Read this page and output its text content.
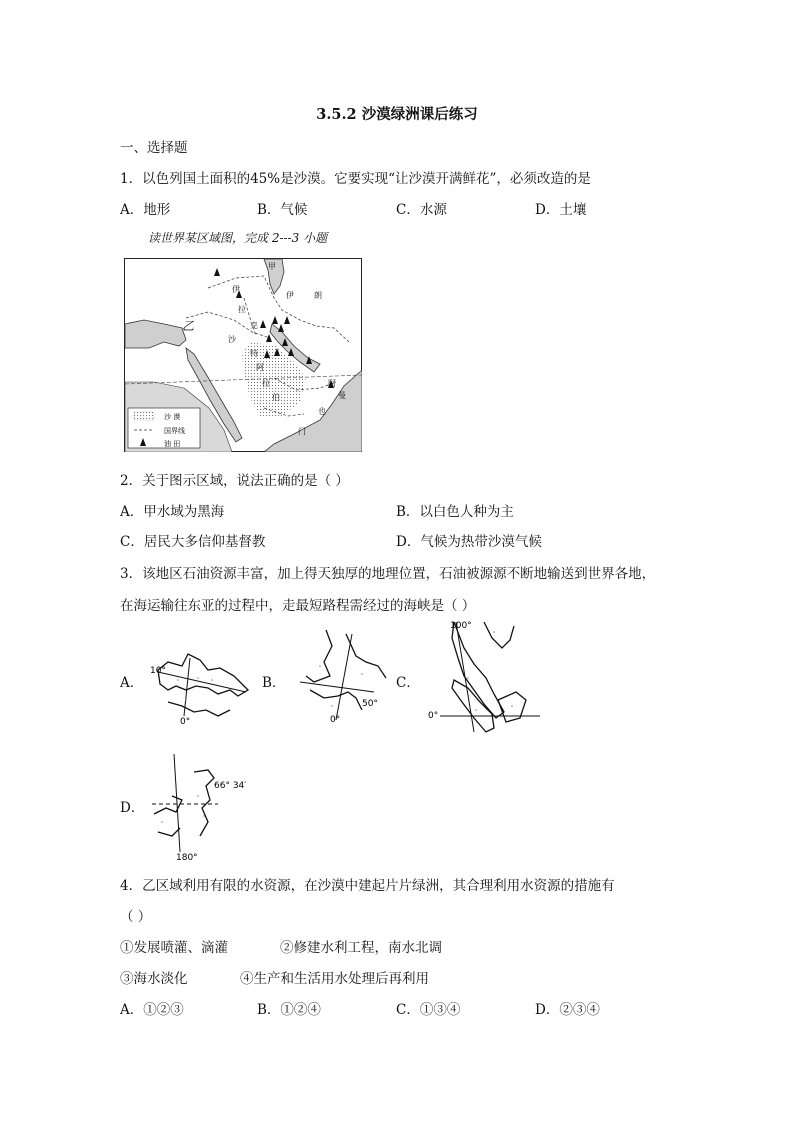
3.5.2 沙漠绿洲课后练习
一、选择题
1．以色列国土面积的45%是沙漠。它要实现“让沙漠开满鲜花”，必须改造的是
A．地形	B．气候	C．水源	D．土壤
读世界某区域图，完成 2---3 小题
甲
乙
伊	朗
伊
拉
克
沙
特
阿
拉
伯
阿
曼
也
门
沙 漠
国界线
油 田
2．关于图示区域，说法正确的是（ ）
A．甲水域为黑海	B．以白色人种为主
C．居民大多信仰基督教	D．气候为热带沙漠气候
3．该地区石油资源丰富，加上得天独厚的地理位置，石油被源源不断地输送到世界各地，
在海运输往东亚的过程中，走最短路程需经过的海峡是（ ）
A．	B．	C．
D．
10°
0°
50°
0°
100°
0°
66° 34′
180°
4．乙区域利用有限的水资源，在沙漠中建起片片绿洲，其合理利用水资源的措施有
（ ）
①发展喷灌、滴灌	②修建水利工程，南水北调
③海水淡化	④生产和生活用水处理后再利用
A．①②③	B．①②④	C．①③④	D．②③④
